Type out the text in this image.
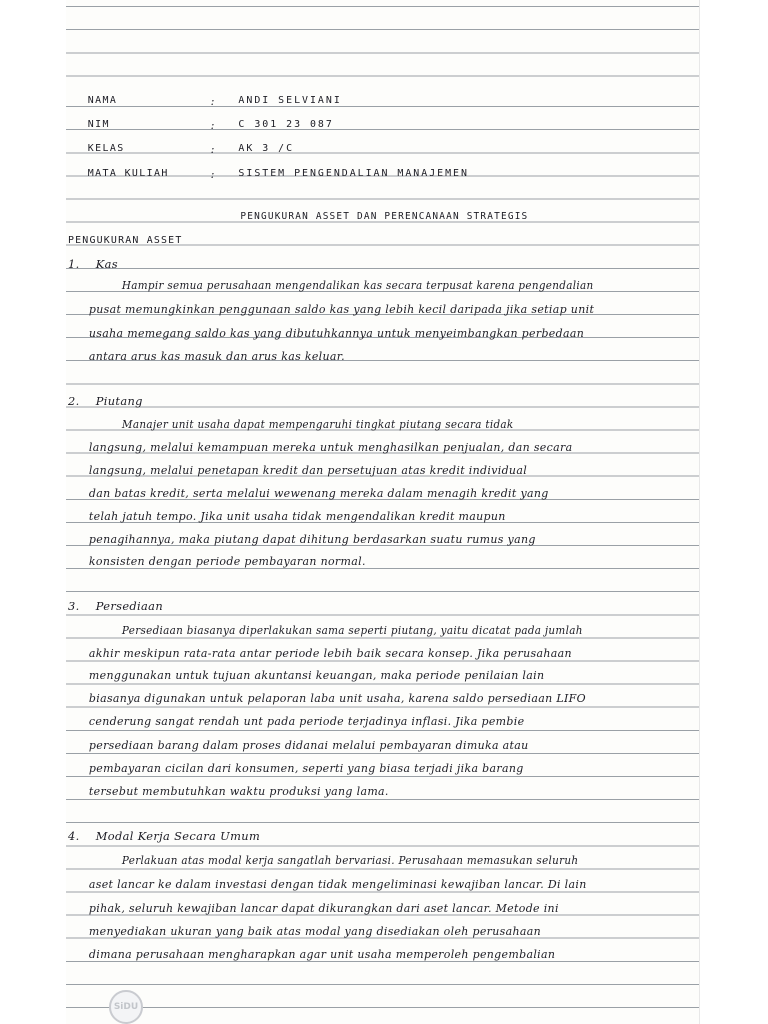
NAMA	: ANDI SELVIANI
NIM	: C 301 23 087
KELAS	: AK 3 /C
MATA KULIAH	: SISTEM PENGENDALIAN MANAJEMEN
PENGUKURAN ASSET DAN PERENCANAAN STRATEGIS
PENGUKURAN ASSET
1. Kas
Hampir semua perusahaan mengendalikan kas secara terpusat karena pengendalian
pusat memungkinkan penggunaan saldo kas yang lebih kecil daripada jika setiap unit
usaha memegang saldo kas yang dibutuhkannya untuk menyeimbangkan perbedaan
antara arus kas masuk dan arus kas keluar.
2. Piutang
Manajer unit usaha dapat mempengaruhi tingkat piutang secara tidak
langsung, melalui kemampuan mereka untuk menghasilkan penjualan, dan secara
langsung, melalui penetapan kredit dan persetujuan atas kredit individual
dan batas kredit, serta melalui wewenang mereka dalam menagih kredit yang
telah jatuh tempo. Jika unit usaha tidak mengendalikan kredit maupun
penagihannya, maka piutang dapat dihitung berdasarkan suatu rumus yang
konsisten dengan periode pembayaran normal.
3. Persediaan
Persediaan biasanya diperlakukan sama seperti piutang, yaitu dicatat pada jumlah
akhir meskipun rata-rata antar periode lebih baik secara konsep. Jika perusahaan
menggunakan untuk tujuan akuntansi keuangan, maka periode penilaian lain
biasanya digunakan untuk pelaporan laba unit usaha, karena saldo persediaan LIFO
cenderung sangat rendah unt pada periode terjadinya inflasi. Jika pembie
persediaan barang dalam proses didanai melalui pembayaran dimuka atau
pembayaran cicilan dari konsumen, seperti yang biasa terjadi jika barang
tersebut membutuhkan waktu produksi yang lama.
4. Modal Kerja Secara Umum
Perlakuan atas modal kerja sangatlah bervariasi. Perusahaan memasukan seluruh
aset lancar ke dalam investasi dengan tidak mengeliminasi kewajiban lancar. Di lain
pihak, seluruh kewajiban lancar dapat dikurangkan dari aset lancar. Metode ini
menyediakan ukuran yang baik atas modal yang disediakan oleh perusahaan
dimana perusahaan mengharapkan agar unit usaha memperoleh pengembalian
SiDU
